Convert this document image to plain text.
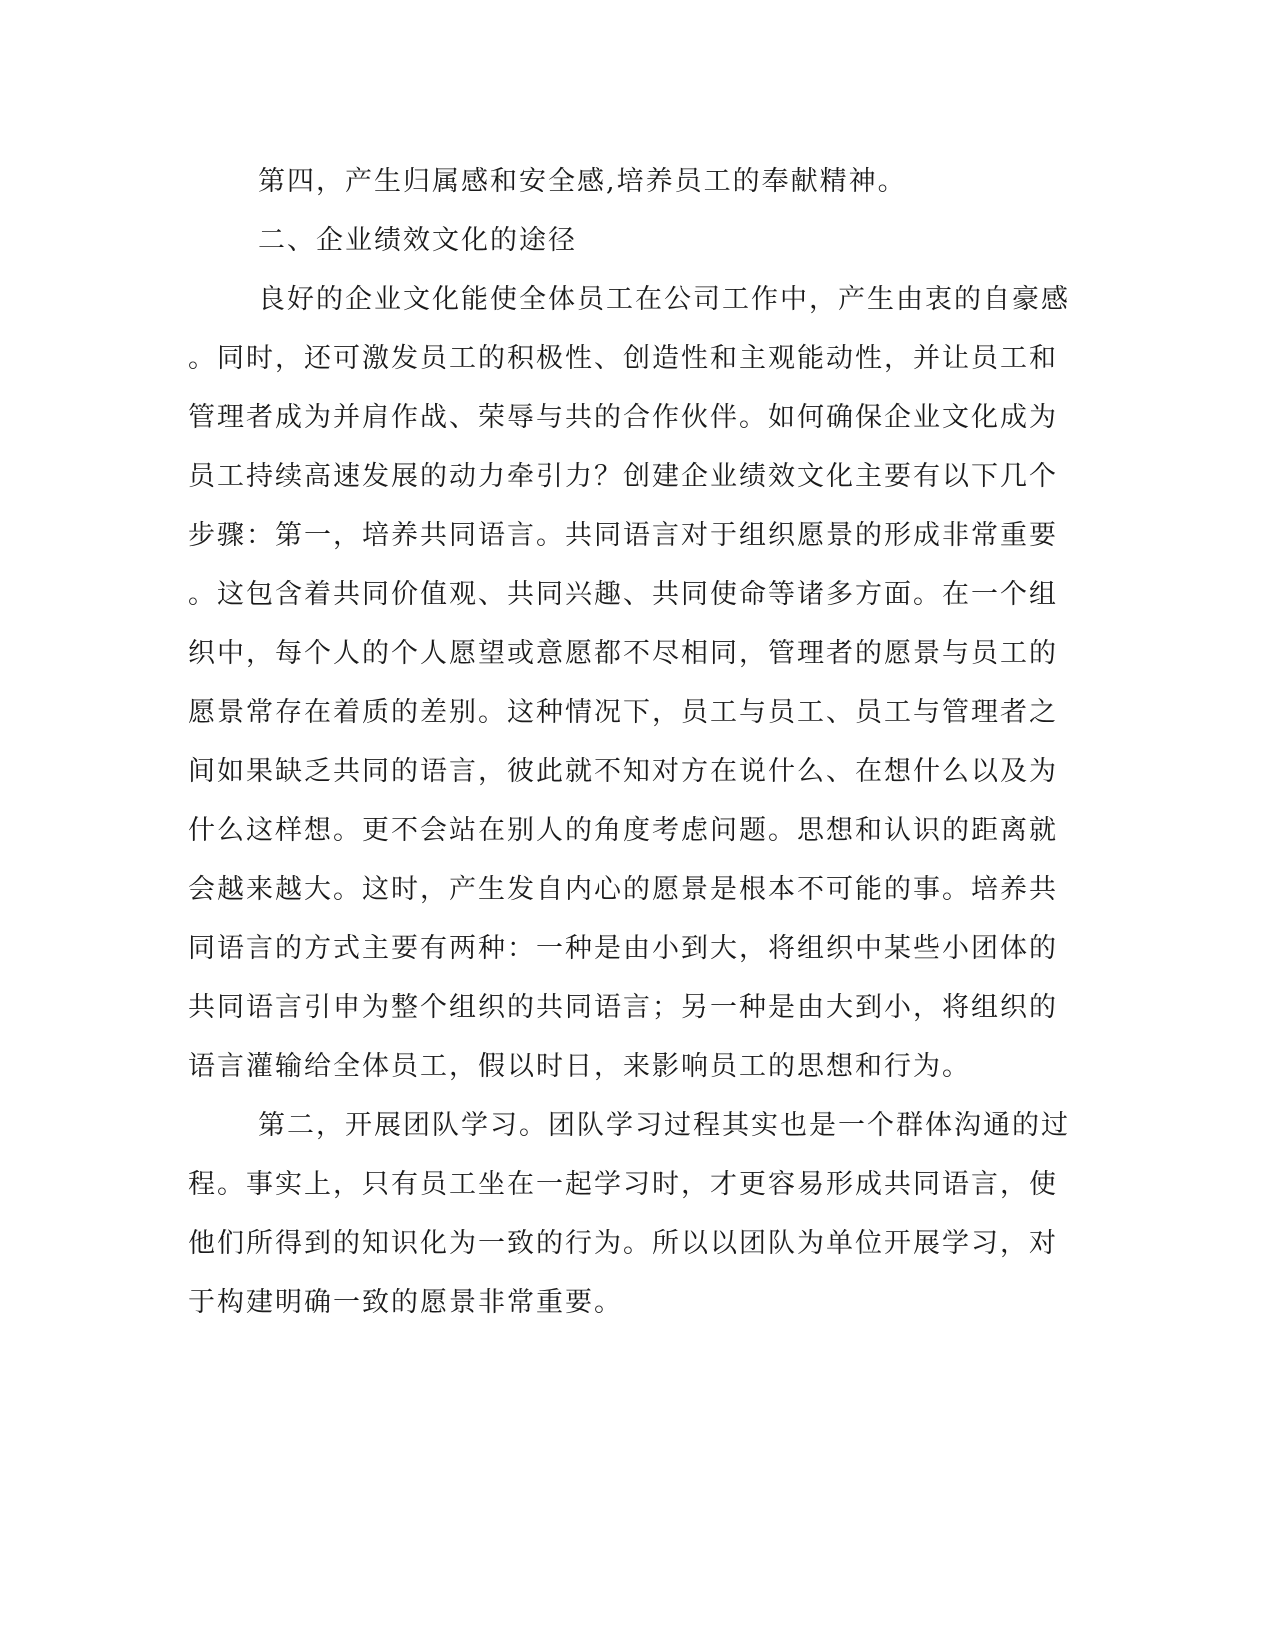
第四，产生归属感和安全感,培养员工的奉献精神。
二、企业绩效文化的途径
良好的企业文化能使全体员工在公司工作中，产生由衷的自豪感
。同时，还可激发员工的积极性、创造性和主观能动性，并让员工和
管理者成为并肩作战、荣辱与共的合作伙伴。如何确保企业文化成为
员工持续高速发展的动力牵引力？创建企业绩效文化主要有以下几个
步骤：第一，培养共同语言。共同语言对于组织愿景的形成非常重要
。这包含着共同价值观、共同兴趣、共同使命等诸多方面。在一个组
织中，每个人的个人愿望或意愿都不尽相同，管理者的愿景与员工的
愿景常存在着质的差别。这种情况下，员工与员工、员工与管理者之
间如果缺乏共同的语言，彼此就不知对方在说什么、在想什么以及为
什么这样想。更不会站在别人的角度考虑问题。思想和认识的距离就
会越来越大。这时，产生发自内心的愿景是根本不可能的事。培养共
同语言的方式主要有两种：一种是由小到大，将组织中某些小团体的
共同语言引申为整个组织的共同语言；另一种是由大到小，将组织的
语言灌输给全体员工，假以时日，来影响员工的思想和行为。
第二，开展团队学习。团队学习过程其实也是一个群体沟通的过
程。事实上，只有员工坐在一起学习时，才更容易形成共同语言，使
他们所得到的知识化为一致的行为。所以以团队为单位开展学习，对
于构建明确一致的愿景非常重要。
